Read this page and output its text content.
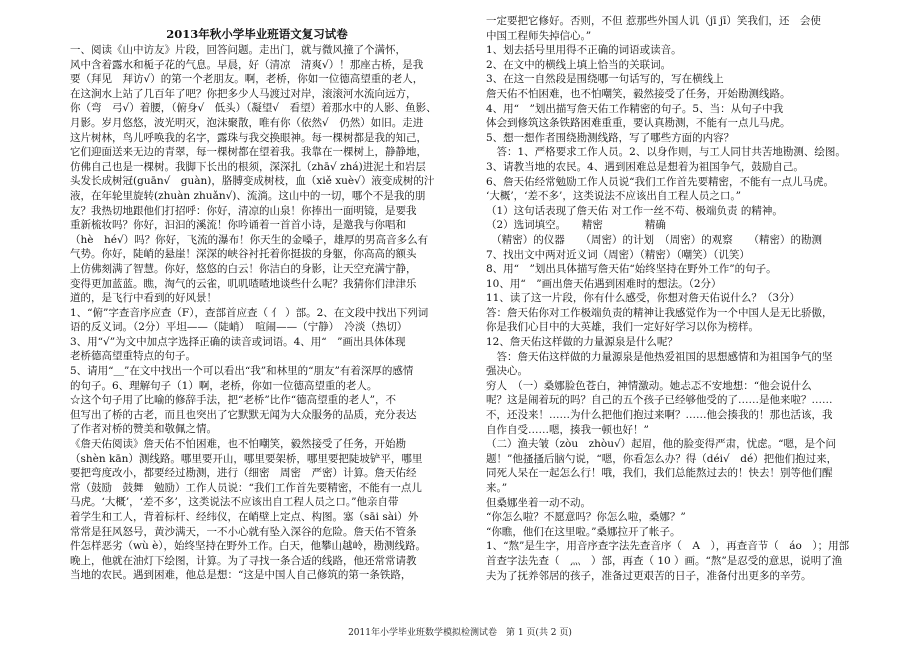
2013年秋小学毕业班语文复习试卷
一、阅读《山中访友》片段，回答问题。走出门，就与微风撞了个满怀，
风中含着露水和栀子花的气息。早晨，好（清凉　清爽√）！那座古桥，是我
要（拜见　拜访√）的第一个老朋友。啊，老桥，你如一位德高望重的老人，
在这涧水上站了几百年了吧？你把多少人马渡过对岸，滚滚河水流向远方，
你（弯　弓√）着腰，（俯身√　低头）（凝望√　看望）着那水中的人影、鱼影、
月影。岁月悠悠，波光明灭，泡沫聚散，唯有你（依然√　仍然）如旧。走进
这片树林，鸟儿呼唤我的名字，露珠与我交换眼神。每一棵树都是我的知己，
它们迎面送来无边的青翠，每一棵树都在望着我。我靠在一棵树上，静静地，
仿佛自己也是一棵树。我脚下长出的根须，深深扎（zhā√ zhá)进泥土和岩层
头发长成树冠(guān√　guàn)，胳膊变成树枝，血（xiě xuè√）液变成树的汁
液，在年轮里旋转(zhuàn zhuǎn√)、流淌。这山中的一切，哪个不是我的朋
友？我热切地跟他们打招呼：你好，清凉的山泉！你捧出一面明镜，是要我
重新梳妆吗？你好，汩汩的溪流！你吟诵着一首首小诗，是邀我与你唱和
（hè　hé√）吗？你好，飞流的瀑布！你天生的金嗓子，雄厚的男高音多么有
气势。你好，陡峭的悬崖！深深的峡谷衬托着你挺拔的身躯，你高高的额头
上仿佛刻满了智慧。你好，悠悠的白云！你洁白的身影，让天空充满宁静，
变得更加蓝蓝。瞧，淘气的云雀，叽叽喳喳地谈些什么呢？我猜你们津津乐
道的，是飞行中看到的好风景！
1、“俯”字查音序应查（F），查部首应查（ 亻 ）部。2、在文段中找出下列词
语的反义词。（2分）平坦——（陡峭）　喧闹——（宁静）　冷淡（热切）
3、用“√”为文中加点字选择正确的读音或词语。4、用“　”画出具体体现
老桥德高望重特点的句子。
5、请用“＿”在文中找出一个可以看出“我”和林里的“朋友”有着深厚的感情
的句子。6、理解句子（1）啊，老桥，你如一位德高望重的老人。
☆这个句子用了比喻的修辞手法，把“老桥”比作“德高望重的老人”，不
但写出了桥的古老，而且也突出了它默默无闻为大众服务的品质，充分表达
了作者对桥的赞美和敬佩之情。
《詹天佑阅读》詹天佑不怕困难，也不怕嘲笑，毅然接受了任务，开始勘
（shèn kān）测线路。哪里要开山，哪里要架桥，哪里要把陡坡铲平，哪里
要把弯度改小，都要经过勘测，进行（细密　周密　严密）计算。詹天佑经
常（鼓励　鼓舞　勉励）工作人员说：“我们工作首先要精密，不能有一点儿
马虎。‘大概’，‘差不多’，这类说法不应该出自工程人员之口。”他亲自带
着学生和工人，背着标杆、经纬仪，在峭壁上定点、构图。塞（sāi sài）外
常常是狂风怒号，黄沙满天，一不小心就有坠入深谷的危险。詹天佑不管条
件怎样恶劣（wù è），始终坚持在野外工作。白天，他攀山越岭，勘测线路。
晚上，他就在油灯下绘图，计算。为了寻找一条合适的线路，他还常常请教
当地的农民。遇到困难，他总是想：“这是中国人自己修筑的第一条铁路，
一定要把它修好。否则，不但 惹那些外国人讥（jī jī）笑我们，还　会使
中国工程师失掉信心。”
1、划去括号里用得不正确的词语或读音。
2、在文中的横线上填上恰当的关联词。
3、在这一自然段是围绕哪一句话写的，写在横线上
詹天佑不怕困难，也不怕嘲笑，毅然接受了任务，开始勘测线路。
4、用“　”划出描写詹天佑工作精密的句子。5、当：从句子中我
体会到修筑这条铁路困难重重，要认真勘测，不能有一点儿马虎。
5、想一想作者围绕勘测线路，写了哪些方面的内容？
　答：1、严格要求工作人员。2、以身作则，与工人同甘共苦地勘测、绘图。
3、请教当地的农民。4、遇到困难总是想着为祖国争气，鼓励自己。
6、詹天佑经常勉励工作人员说“我们工作首先要精密，不能有一点儿马虎。
‘大概’，‘差不多’，这类说法不应该出自工程人员之口。”
（1）这句话表现了詹天佑 对工作一丝不苟、极端负责 的精神。
（2）选词填空。　　精密　　　　精确
　（精密）的仪器　　（周密）的计划　（周密）的观察　　（精密）的勘测
7、找出文中两对近义词（周密）（精密）（嘲笑）（讥笑）
8、用“　”划出具体描写詹天佑“始终坚持在野外工作”的句子。
10、用“　”画出詹天佑遇到困难时的想法。（2分）
11、读了这一片段，你有什么感受，你想对詹天佑说什么？（3分）
答：詹天佑你对工作极端负责的精神让我感觉作为一个中国人是无比骄傲，
你是我们心目中的大英雄，我们一定好好学习以你为榜样。
12、詹天佑这样做的力量源泉是什么呢？
　答：詹天佑这样做的力量源泉是他热爱祖国的思想感情和为祖国争气的坚
强决心。
穷人　（一）桑娜脸色苍白，神情激动。她忐忑不安地想：“他会说什么
呢？这是闹着玩的吗？自己的五个孩子已经够他受的了……是他来啦？……
不，还没来！……为什么把他们抱过来啊？……他会揍我的！那也活该，我
自作自受……嗯，揍我一顿也好！”
（二）渔夫皱（zòu　zhòu√）起眉，他的脸变得严肃，忧虑。“嗯，是个问
题！”他搔搔后脑勺说，“嗯，你看怎么办？得（déi√　dé）把他们抱过来，
同死人呆在一起怎么行！哦，我们，我们总能熬过去的！快去！别等他们醒
来。”
但桑娜坐着一动不动。
“你怎么啦？不愿意吗？你怎么啦，桑娜？”
“你瞧，他们在这里啦。”桑娜拉开了帐子。
1、“熬”是生字，用音序查字法先查音序（　A　），再查音节（　áo　）；用部
首查字法先查（　灬　）部，再查（ 10 ）画。“熬”是忍受的意思，说明了渔
夫为了抚养邻居的孩子，准备过更艰苦的日子，准备付出更多的辛劳。
2011年小学毕业班数学模拟检测试卷　第 1 页(共 2 页)
